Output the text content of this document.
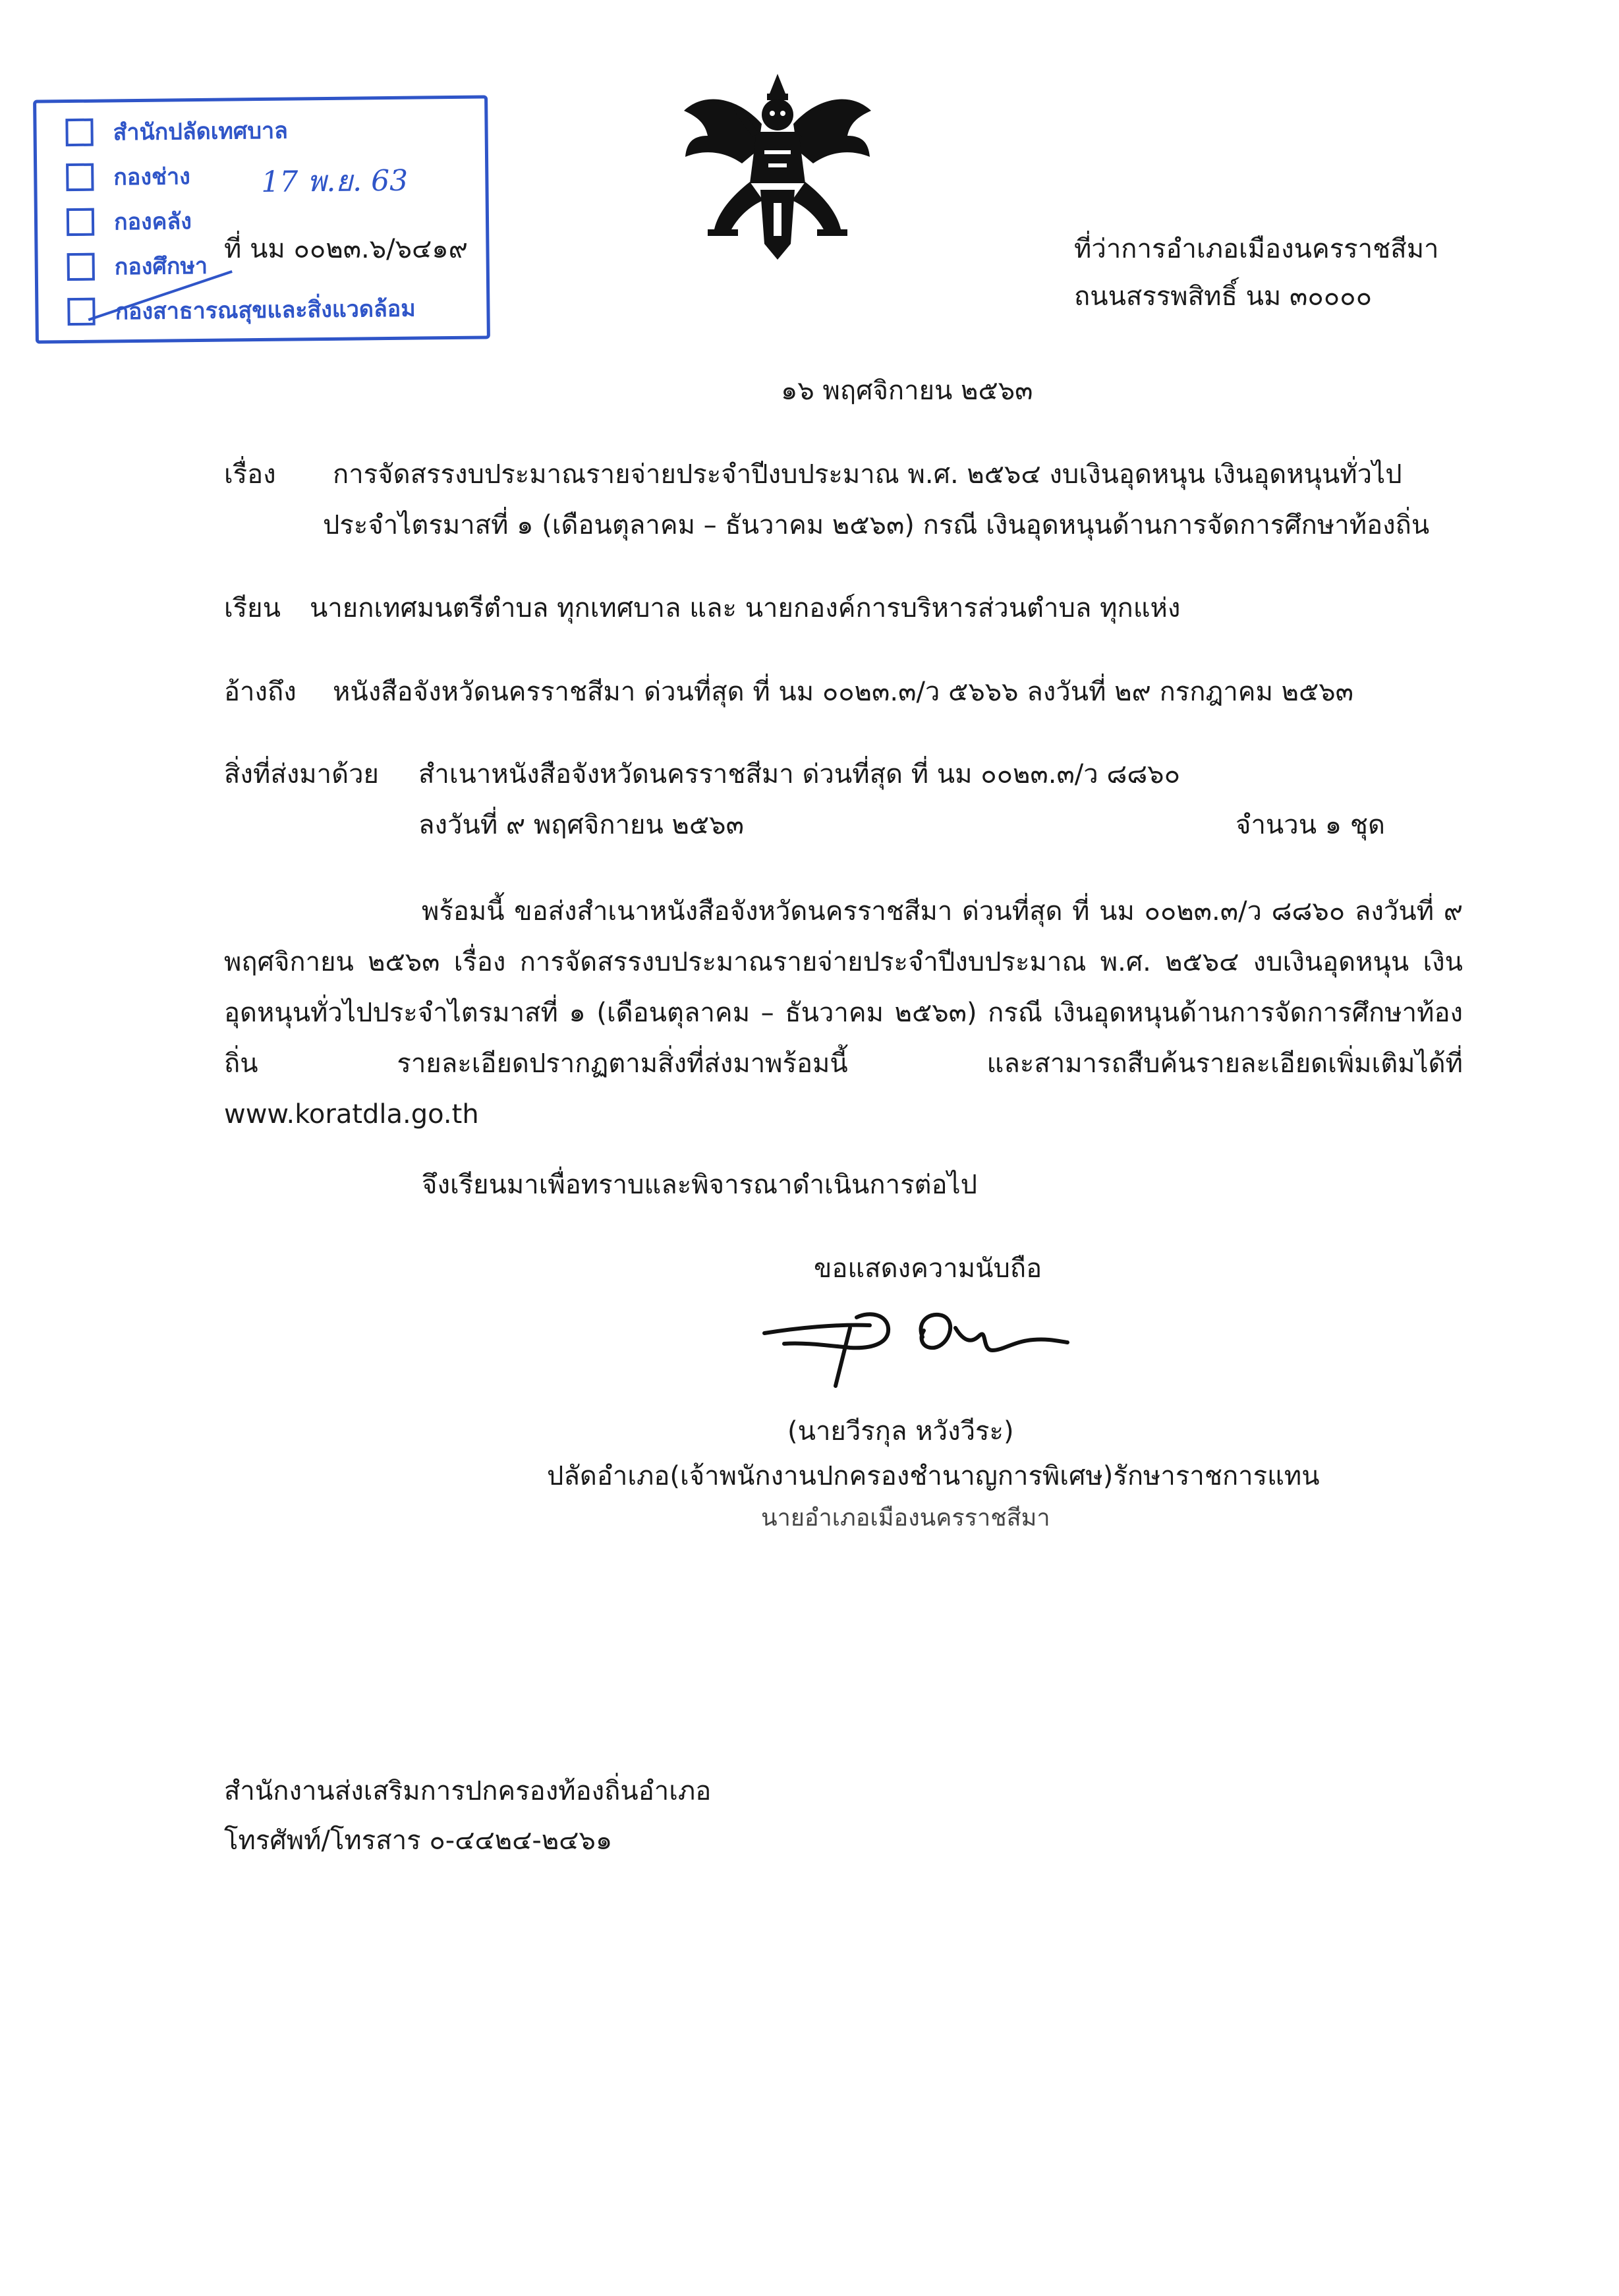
สำนักปลัดเทศบาล
กองช่าง
กองคลัง
กองศึกษา
กองสาธารณสุขและสิ่งแวดล้อม
17 พ.ย. 63

ที่ นม ๐๐๒๓.๖/๖๔๑๙	ที่ว่าการอำเภอเมืองนครราชสีมา

ถนนสรรพสิทธิ์ นม ๓๐๐๐๐

๑๖ พฤศจิกายน ๒๕๖๓

เรื่อง การจัดสรรงบประมาณรายจ่ายประจำปีงบประมาณ พ.ศ. ๒๕๖๔ งบเงินอุดหนุน เงินอุดหนุนทั่วไป

ประจำไตรมาสที่ ๑ (เดือนตุลาคม – ธันวาคม ๒๕๖๓) กรณี เงินอุดหนุนด้านการจัดการศึกษาท้องถิ่น

เรียน นายกเทศมนตรีตำบล ทุกเทศบาล และ นายกองค์การบริหารส่วนตำบล ทุกแห่ง

อ้างถึง หนังสือจังหวัดนครราชสีมา ด่วนที่สุด ที่ นม ๐๐๒๓.๓/ว ๕๖๖๖ ลงวันที่ ๒๙ กรกฎาคม ๒๕๖๓

สิ่งที่ส่งมาด้วย สำเนาหนังสือจังหวัดนครราชสีมา ด่วนที่สุด ที่ นม ๐๐๒๓.๓/ว ๘๘๖๐

ลงวันที่ ๙ พฤศจิกายน ๒๕๖๓	จำนวน ๑ ชุด

พร้อมนี้ ขอส่งสำเนาหนังสือจังหวัดนครราชสีมา ด่วนที่สุด ที่ นม ๐๐๒๓.๓/ว ๘๘๖๐ ลงวันที่ ๙ พฤศจิกายน ๒๕๖๓ เรื่อง การจัดสรรงบประมาณรายจ่ายประจำปีงบประมาณ พ.ศ. ๒๕๖๔ งบเงินอุดหนุน เงินอุดหนุนทั่วไปประจำไตรมาสที่ ๑ (เดือนตุลาคม – ธันวาคม ๒๕๖๓) กรณี เงินอุดหนุนด้านการจัดการศึกษาท้องถิ่น รายละเอียดปรากฏตามสิ่งที่ส่งมาพร้อมนี้ และสามารถสืบค้นรายละเอียดเพิ่มเติมได้ที่ www.koratdla.go.th

จึงเรียนมาเพื่อทราบและพิจารณาดำเนินการต่อไป

ขอแสดงความนับถือ

(นายวีรกุล หวังวีระ)

ปลัดอำเภอ(เจ้าพนักงานปกครองชำนาญการพิเศษ)รักษาราชการแทน

นายอำเภอเมืองนครราชสีมา

สำนักงานส่งเสริมการปกครองท้องถิ่นอำเภอ

โทรศัพท์/โทรสาร ๐-๔๔๒๔-๒๔๖๑
